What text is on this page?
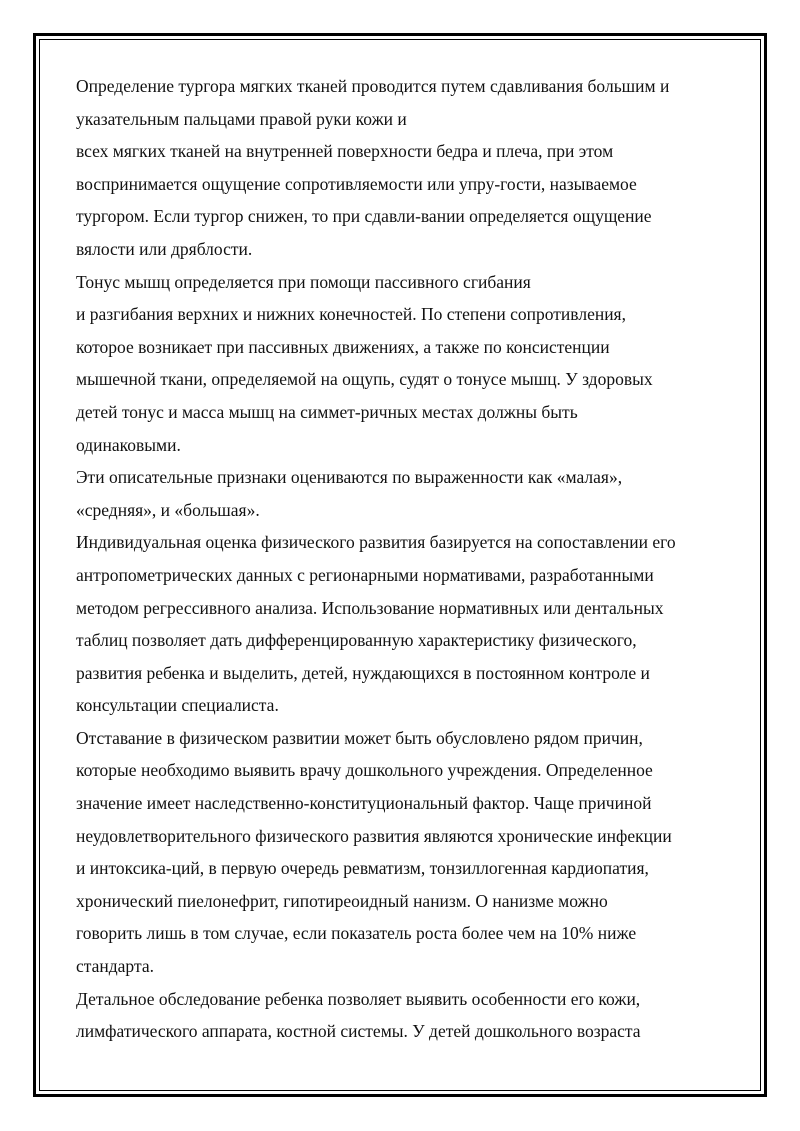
Определение тургора мягких тканей проводится путем сдавливания большим и
указательным пальцами правой руки кожи и
всех мягких тканей на внутренней поверхности бедра и плеча, при этом
воспринимается ощущение сопротивляемости или упру-гости, называемое
тургором. Если тургор снижен, то при сдавли-вании определяется ощущение
вялости или дряблости.
Тонус мышц определяется при помощи пассивного сгибания
и разгибания верхних и нижних конечностей. По степени сопротивления,
которое возникает при пассивных движениях, а также по консистенции
мышечной ткани, определяемой на ощупь, судят о тонусе мышц. У здоровых
детей тонус и масса мышц на симмет-ричных местах должны быть
одинаковыми.
Эти описательные признаки оцениваются по выраженности как «малая»,
«средняя», и «большая».
Индивидуальная оценка физического развития базируется на сопоставлении его
антропометрических данных с регионарными нормативами, разработанными
методом регрессивного анализа. Использование нормативных или дентальных
таблиц позволяет дать дифференцированную характеристику физического,
развития ребенка и выделить, детей, нуждающихся в постоянном контроле и
консультации специалиста.
Отставание в физическом развитии может быть обусловлено рядом причин,
которые необходимо выявить врачу дошкольного учреждения. Определенное
значение имеет наследственно-конституциональный фактор. Чаще причиной
неудовлетворительного физического развития являются хронические инфекции
и интоксика-ций, в первую очередь ревматизм, тонзиллогенная кардиопатия,
хронический пиелонефрит, гипотиреоидный нанизм. О нанизме можно
говорить лишь в том случае, если показатель роста более чем на 10% ниже
стандарта.
Детальное обследование ребенка позволяет выявить особенности его кожи,
лимфатического аппарата, костной системы. У детей дошкольного возраста
